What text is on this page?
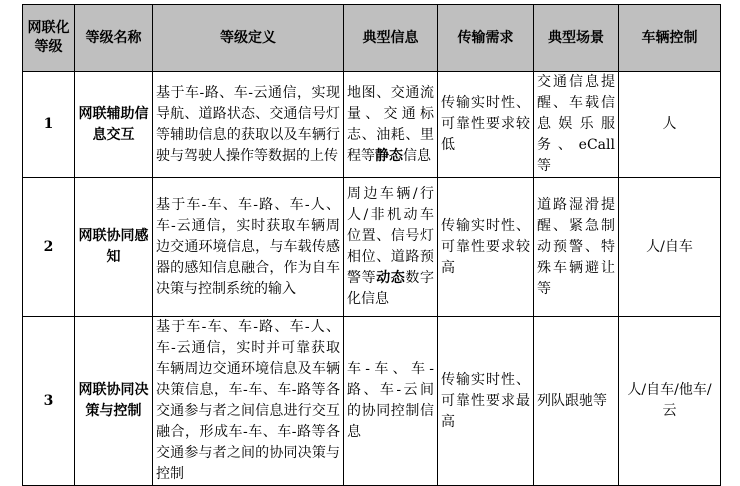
网联化等级	等级名称	等级定义	典型信息	传输需求	典型场景	车辆控制
1	网联辅助信息交互	基于车-路、车-云通信，实现导航、道路状态、交通信号灯等辅助信息的获取以及车辆行驶与驾驶人操作等数据的上传	地图、交通流量、交通标志、油耗、里程等静态信息	传输实时性、可靠性要求较低	交通信息提醒、车载信息娱乐服务、eCall等	人
2	网联协同感知	基于车-车、车-路、车-人、车-云通信，实时获取车辆周边交通环境信息，与车载传感器的感知信息融合，作为自车决策与控制系统的输入	周边车辆/行人/非机动车位置、信号灯相位、道路预警等动态数字化信息	传输实时性、可靠性要求较高	道路湿滑提醒、紧急制动预警、特殊车辆避让等	人/自车
3	网联协同决策与控制	基于车-车、车-路、车-人、车-云通信，实时并可靠获取车辆周边交通环境信息及车辆决策信息，车-车、车-路等各交通参与者之间信息进行交互融合，形成车-车、车-路等各交通参与者之间的协同决策与控制	车-车、车-路、车-云间的协同控制信息	传输实时性、可靠性要求最高	列队跟驰等	人/自车/他车/云
